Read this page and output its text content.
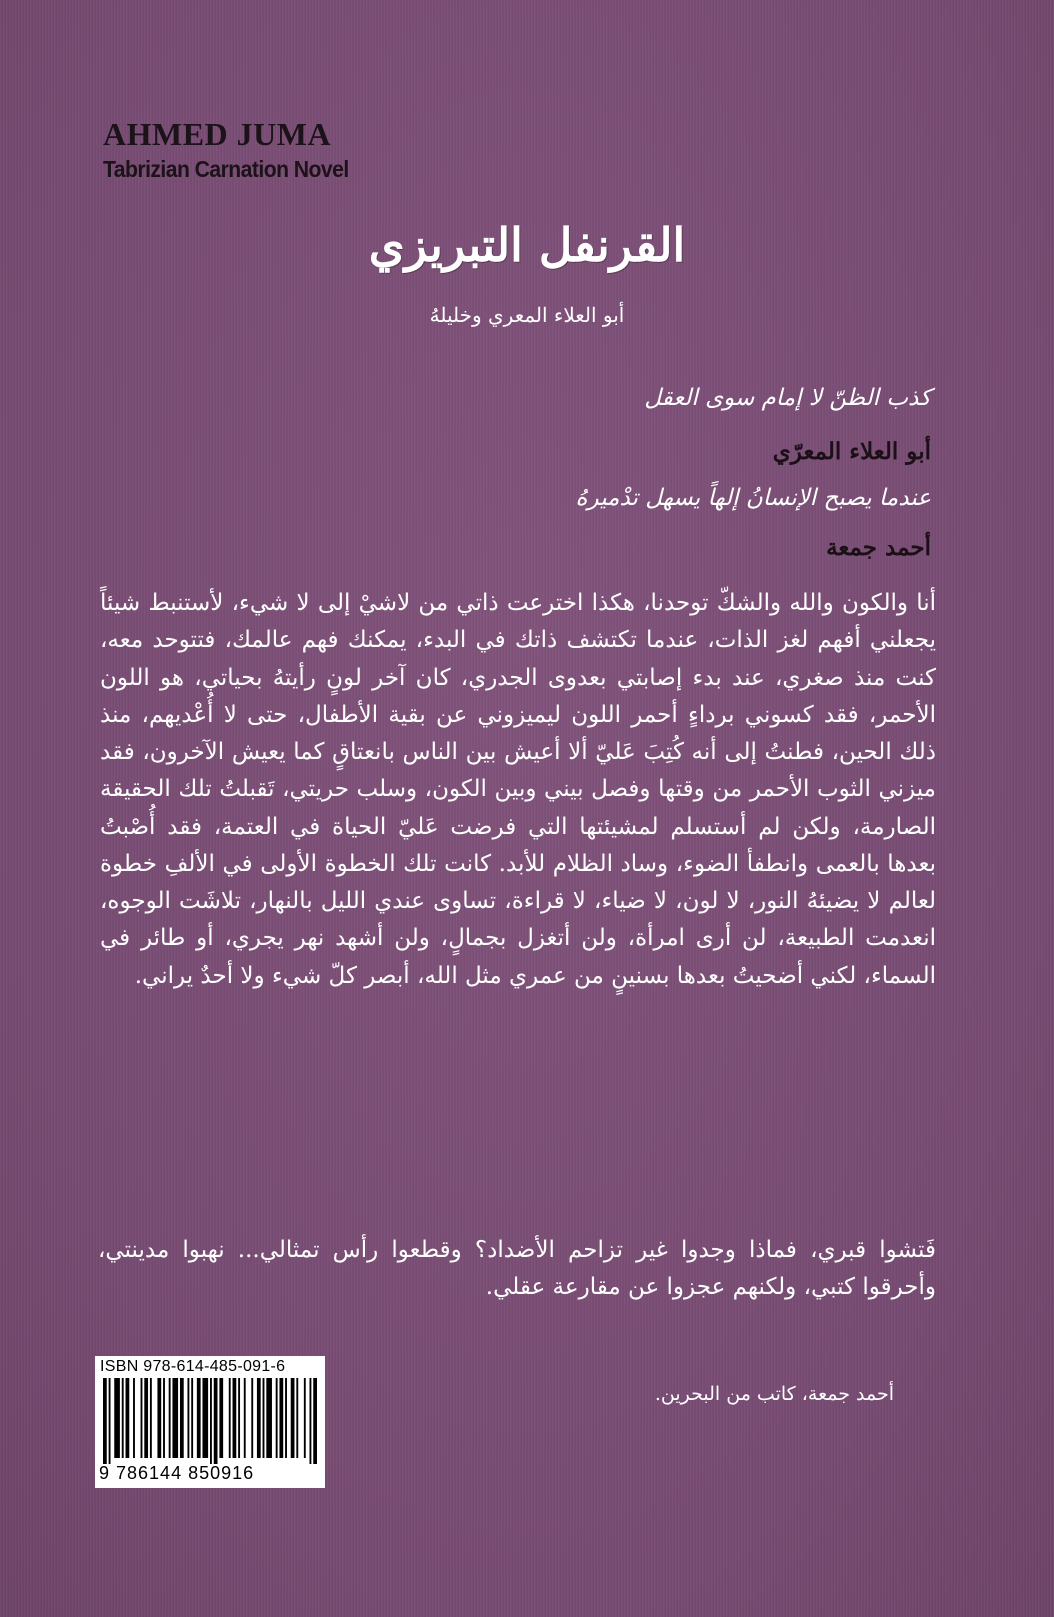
AHMED JUMA
Tabrizian Carnation Novel
القرنفل التبريزي

أبو العلاء المعري وخليلهُ

كذب الظنّ لا إمام سوى العقل

أبو العلاء المعرّي

عندما يصبح الإنسانُ إلهاً يسهل تدْميرهُ

أحمد جمعة

أنا والكون والله والشكّ توحدنا، هكذا اخترعت ذاتي من لاشيْ إلى لا شيء، لأستنبط شيئاً يجعلني أفهم لغز الذات، عندما تكتشف ذاتك في البدء، يمكنك فهم عالمك، فتتوحد معه، كنت منذ صغري، عند بدء إصابتي بعدوى الجدري، كان آخر لونٍ رأيتهُ بحياتي، هو اللون الأحمر، فقد كسوني برداءٍ أحمر اللون ليميزوني عن بقية الأطفال، حتى لا أُعْديهم، منذ ذلك الحين، فطنتُ إلى أنه كُتِبَ عَليّ ألا أعيش بين الناس بانعتاقٍ كما يعيش الآخرون، فقد ميزني الثوب الأحمر من وقتها وفصل بيني وبين الكون، وسلب حريتي، تَقبلتُ تلك الحقيقة الصارمة، ولكن لم أستسلم لمشيئتها التي فرضت عَليّ الحياة في العتمة، فقد أُصْبتُ بعدها بالعمى وانطفأ الضوء، وساد الظلام للأبد. كانت تلك الخطوة الأولى في الألفِ خطوة لعالم لا يضيئهُ النور، لا لون، لا ضياء، لا قراءة، تساوى عندي الليل بالنهار، تلاشَت الوجوه، انعدمت الطبيعة، لن أرى امرأة، ولن أتغزل بجمالٍ، ولن أشهد نهر يجري، أو طائر في السماء، لكني أضحيتُ بعدها بسنينٍ من عمري مثل الله، أبصر كلّ شيء ولا أحدٌ يراني.

فَتشوا قبري، فماذا وجدوا غير تزاحم الأضداد؟ وقطعوا رأس تمثالي... نهبوا مدينتي، وأحرقوا كتبي، ولكنهم عجزوا عن مقارعة عقلي.

أحمد جمعة، كاتب من البحرين.

ISBN 978-614-485-091-6

9 786144 850916
